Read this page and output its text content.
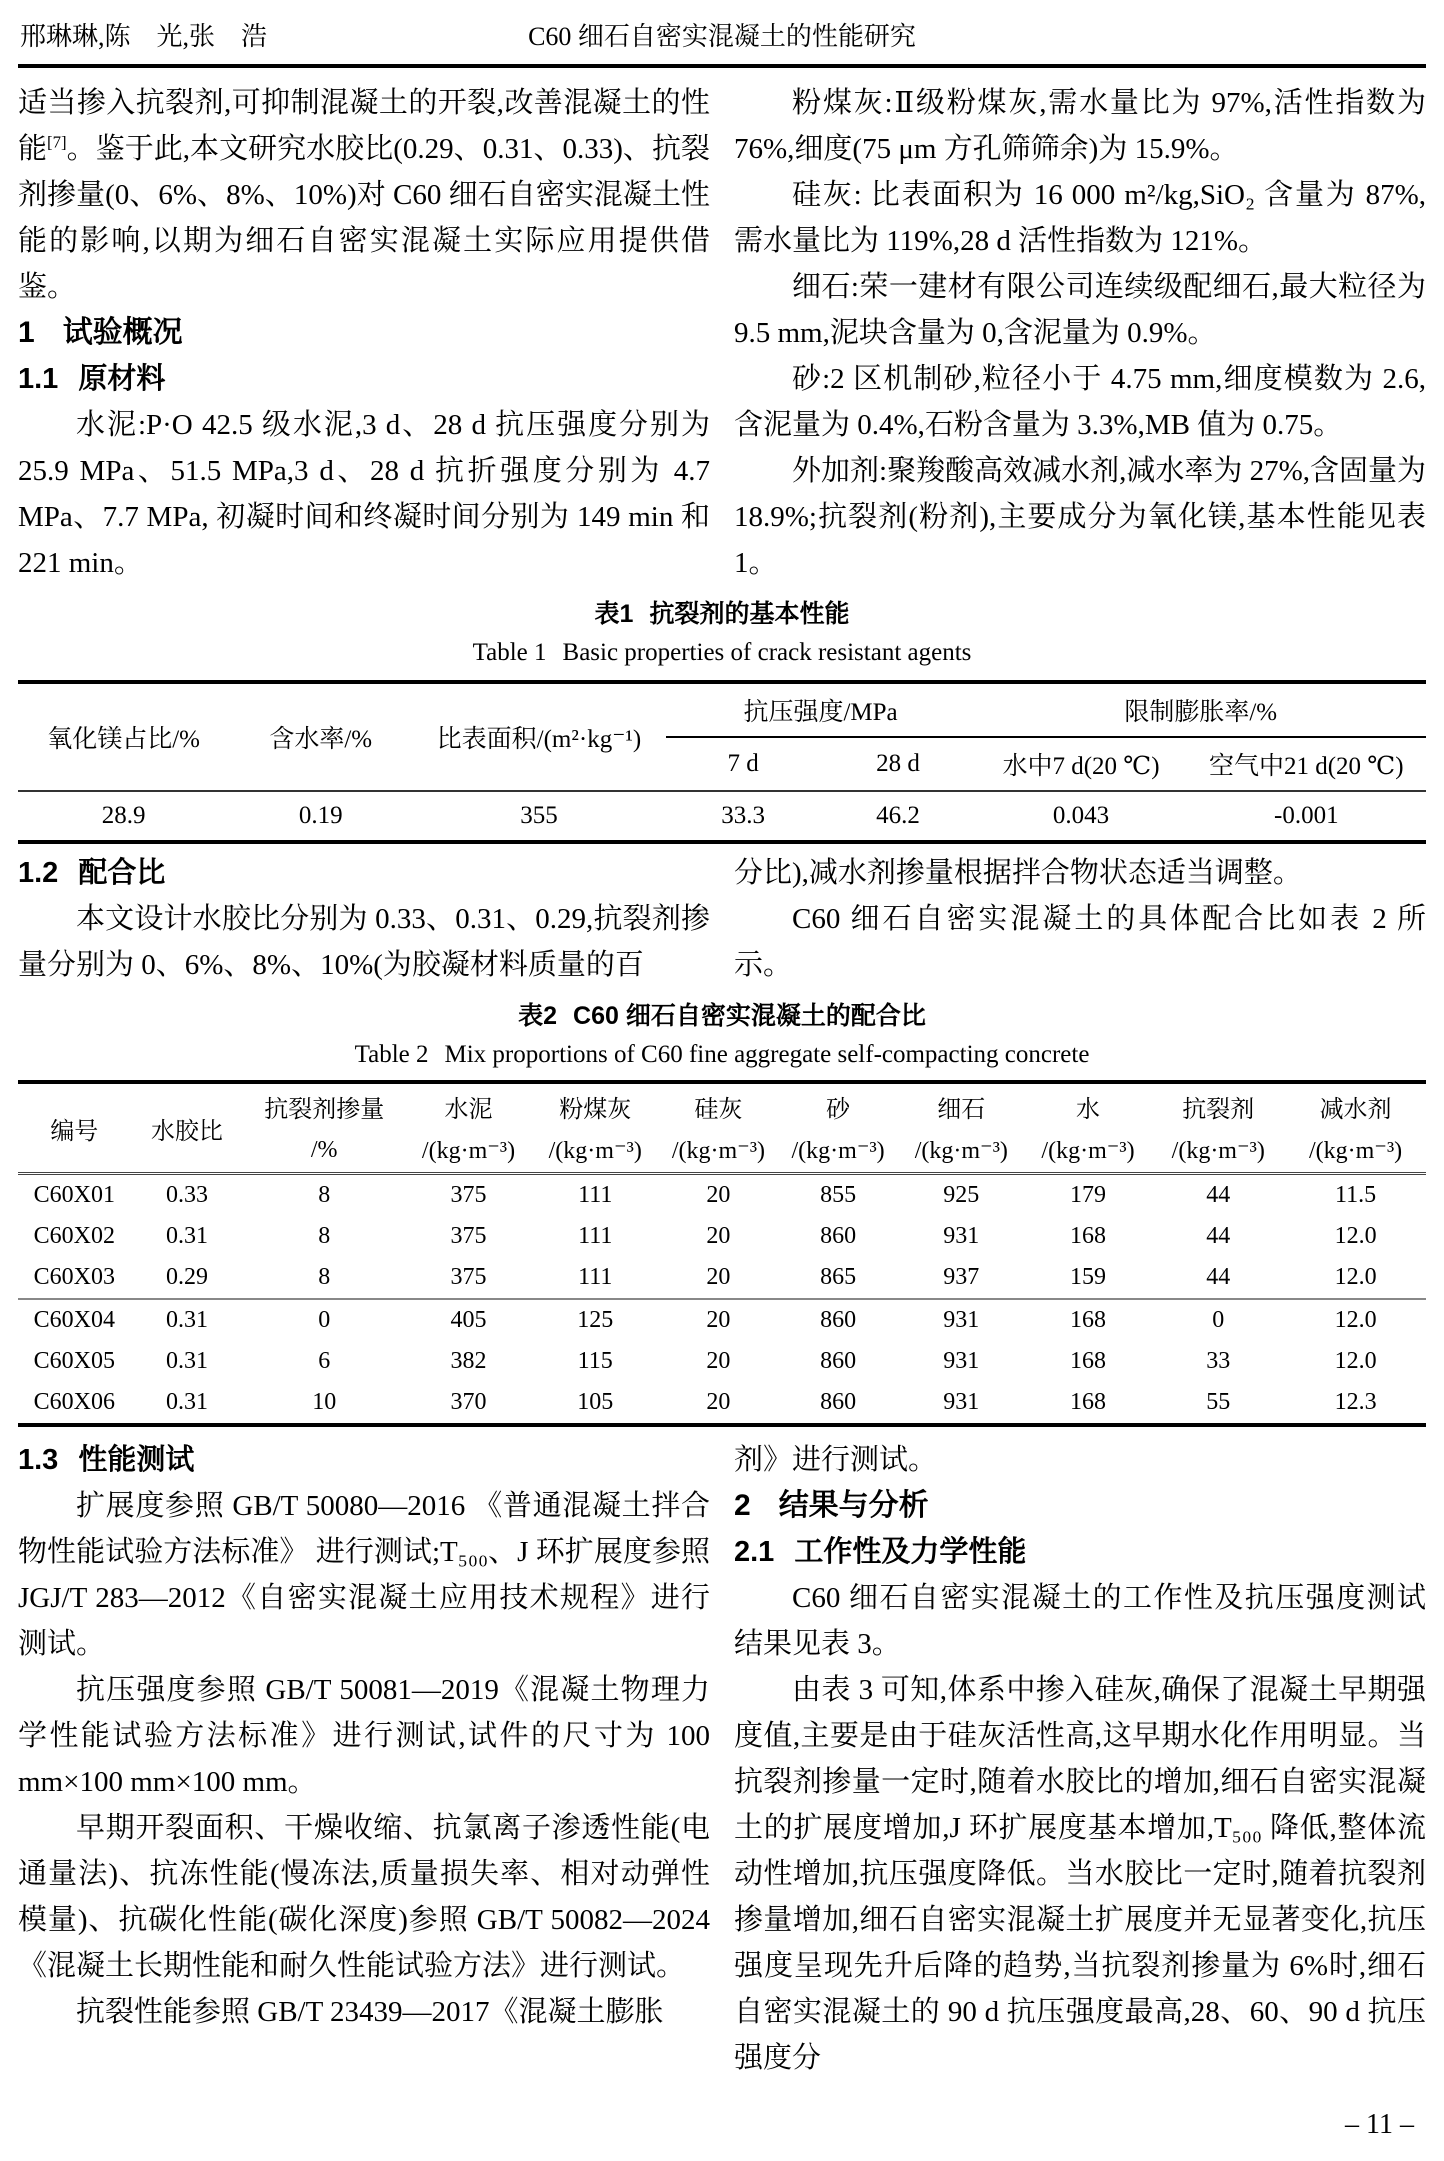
邢琳琳,陈　光,张　浩	C60 细石自密实混凝土的性能研究

适当掺入抗裂剂,可抑制混凝土的开裂,改善混凝土的性能[7]。鉴于此,本文研究水胶比(0.29、0.31、0.33)、抗裂剂掺量(0、6%、8%、10%)对 C60 细石自密实混凝土性能的影响,以期为细石自密实混凝土实际应用提供借鉴。

1 试验概况

1.1 原材料

水泥:P·O 42.5 级水泥,3 d、28 d 抗压强度分别为 25.9 MPa、51.5 MPa,3 d、28 d 抗折强度分别为 4.7 MPa、7.7 MPa, 初凝时间和终凝时间分别为 149 min 和 221 min。

粉煤灰:Ⅱ级粉煤灰,需水量比为 97%,活性指数为 76%,细度(75 μm 方孔筛筛余)为 15.9%。

硅灰: 比表面积为 16 000 m²/kg,SiO₂ 含量为 87%,需水量比为 119%,28 d 活性指数为 121%。

细石:荣一建材有限公司连续级配细石,最大粒径为 9.5 mm,泥块含量为 0,含泥量为 0.9%。

砂:2 区机制砂,粒径小于 4.75 mm,细度模数为 2.6,含泥量为 0.4%,石粉含量为 3.3%,MB 值为 0.75。

外加剂:聚羧酸高效减水剂,减水率为 27%,含固量为 18.9%;抗裂剂(粉剂),主要成分为氧化镁,基本性能见表 1。

表1 抗裂剂的基本性能

Table 1 Basic properties of crack resistant agents

氧化镁占比/%	含水率/%	比表面积/(m²·kg⁻¹)	抗压强度/MPa		限制膨胀率/%	
			7 d	28 d	水中7 d(20 ℃)	空气中21 d(20 ℃)
28.9	0.19	355	33.3	46.2	0.043	-0.001

1.2 配合比

本文设计水胶比分别为 0.33、0.31、0.29,抗裂剂掺量分别为 0、6%、8%、10%(为胶凝材料质量的百

分比),减水剂掺量根据拌合物状态适当调整。

C60 细石自密实混凝土的具体配合比如表 2 所示。

表2 C60 细石自密实混凝土的配合比

Table 2 Mix proportions of C60 fine aggregate self-compacting concrete

编号	水胶比	抗裂剂掺量	水泥	粉煤灰	硅灰	砂	细石	水	抗裂剂	减水剂
		/%	/(kg·m⁻³)	/(kg·m⁻³)	/(kg·m⁻³)	/(kg·m⁻³)	/(kg·m⁻³)	/(kg·m⁻³)	/(kg·m⁻³)	/(kg·m⁻³)
C60X01	0.33	8	375	111	20	855	925	179	44	11.5
C60X02	0.31	8	375	111	20	860	931	168	44	12.0
C60X03	0.29	8	375	111	20	865	937	159	44	12.0
C60X04	0.31	0	405	125	20	860	931	168	0	12.0
C60X05	0.31	6	382	115	20	860	931	168	33	12.0
C60X06	0.31	10	370	105	20	860	931	168	55	12.3

1.3 性能测试

扩展度参照 GB/T 50080—2016 《普通混凝土拌合物性能试验方法标准》 进行测试;T₅₀₀、J 环扩展度参照 JGJ/T 283—2012《自密实混凝土应用技术规程》进行测试。

抗压强度参照 GB/T 50081—2019《混凝土物理力学性能试验方法标准》进行测试,试件的尺寸为 100 mm×100 mm×100 mm。

早期开裂面积、干燥收缩、抗氯离子渗透性能(电通量法)、抗冻性能(慢冻法,质量损失率、相对动弹性模量)、抗碳化性能(碳化深度)参照 GB/T 50082—2024《混凝土长期性能和耐久性能试验方法》进行测试。

抗裂性能参照 GB/T 23439—2017《混凝土膨胀

剂》进行测试。

2 结果与分析

2.1 工作性及力学性能

C60 细石自密实混凝土的工作性及抗压强度测试结果见表 3。

由表 3 可知,体系中掺入硅灰,确保了混凝土早期强度值,主要是由于硅灰活性高,这早期水化作用明显。当抗裂剂掺量一定时,随着水胶比的增加,细石自密实混凝土的扩展度增加,J 环扩展度基本增加,T₅₀₀ 降低,整体流动性增加,抗压强度降低。当水胶比一定时,随着抗裂剂掺量增加,细石自密实混凝土扩展度并无显著变化,抗压强度呈现先升后降的趋势,当抗裂剂掺量为 6%时,细石自密实混凝土的 90 d 抗压强度最高,28、60、90 d 抗压强度分

– 11 –
